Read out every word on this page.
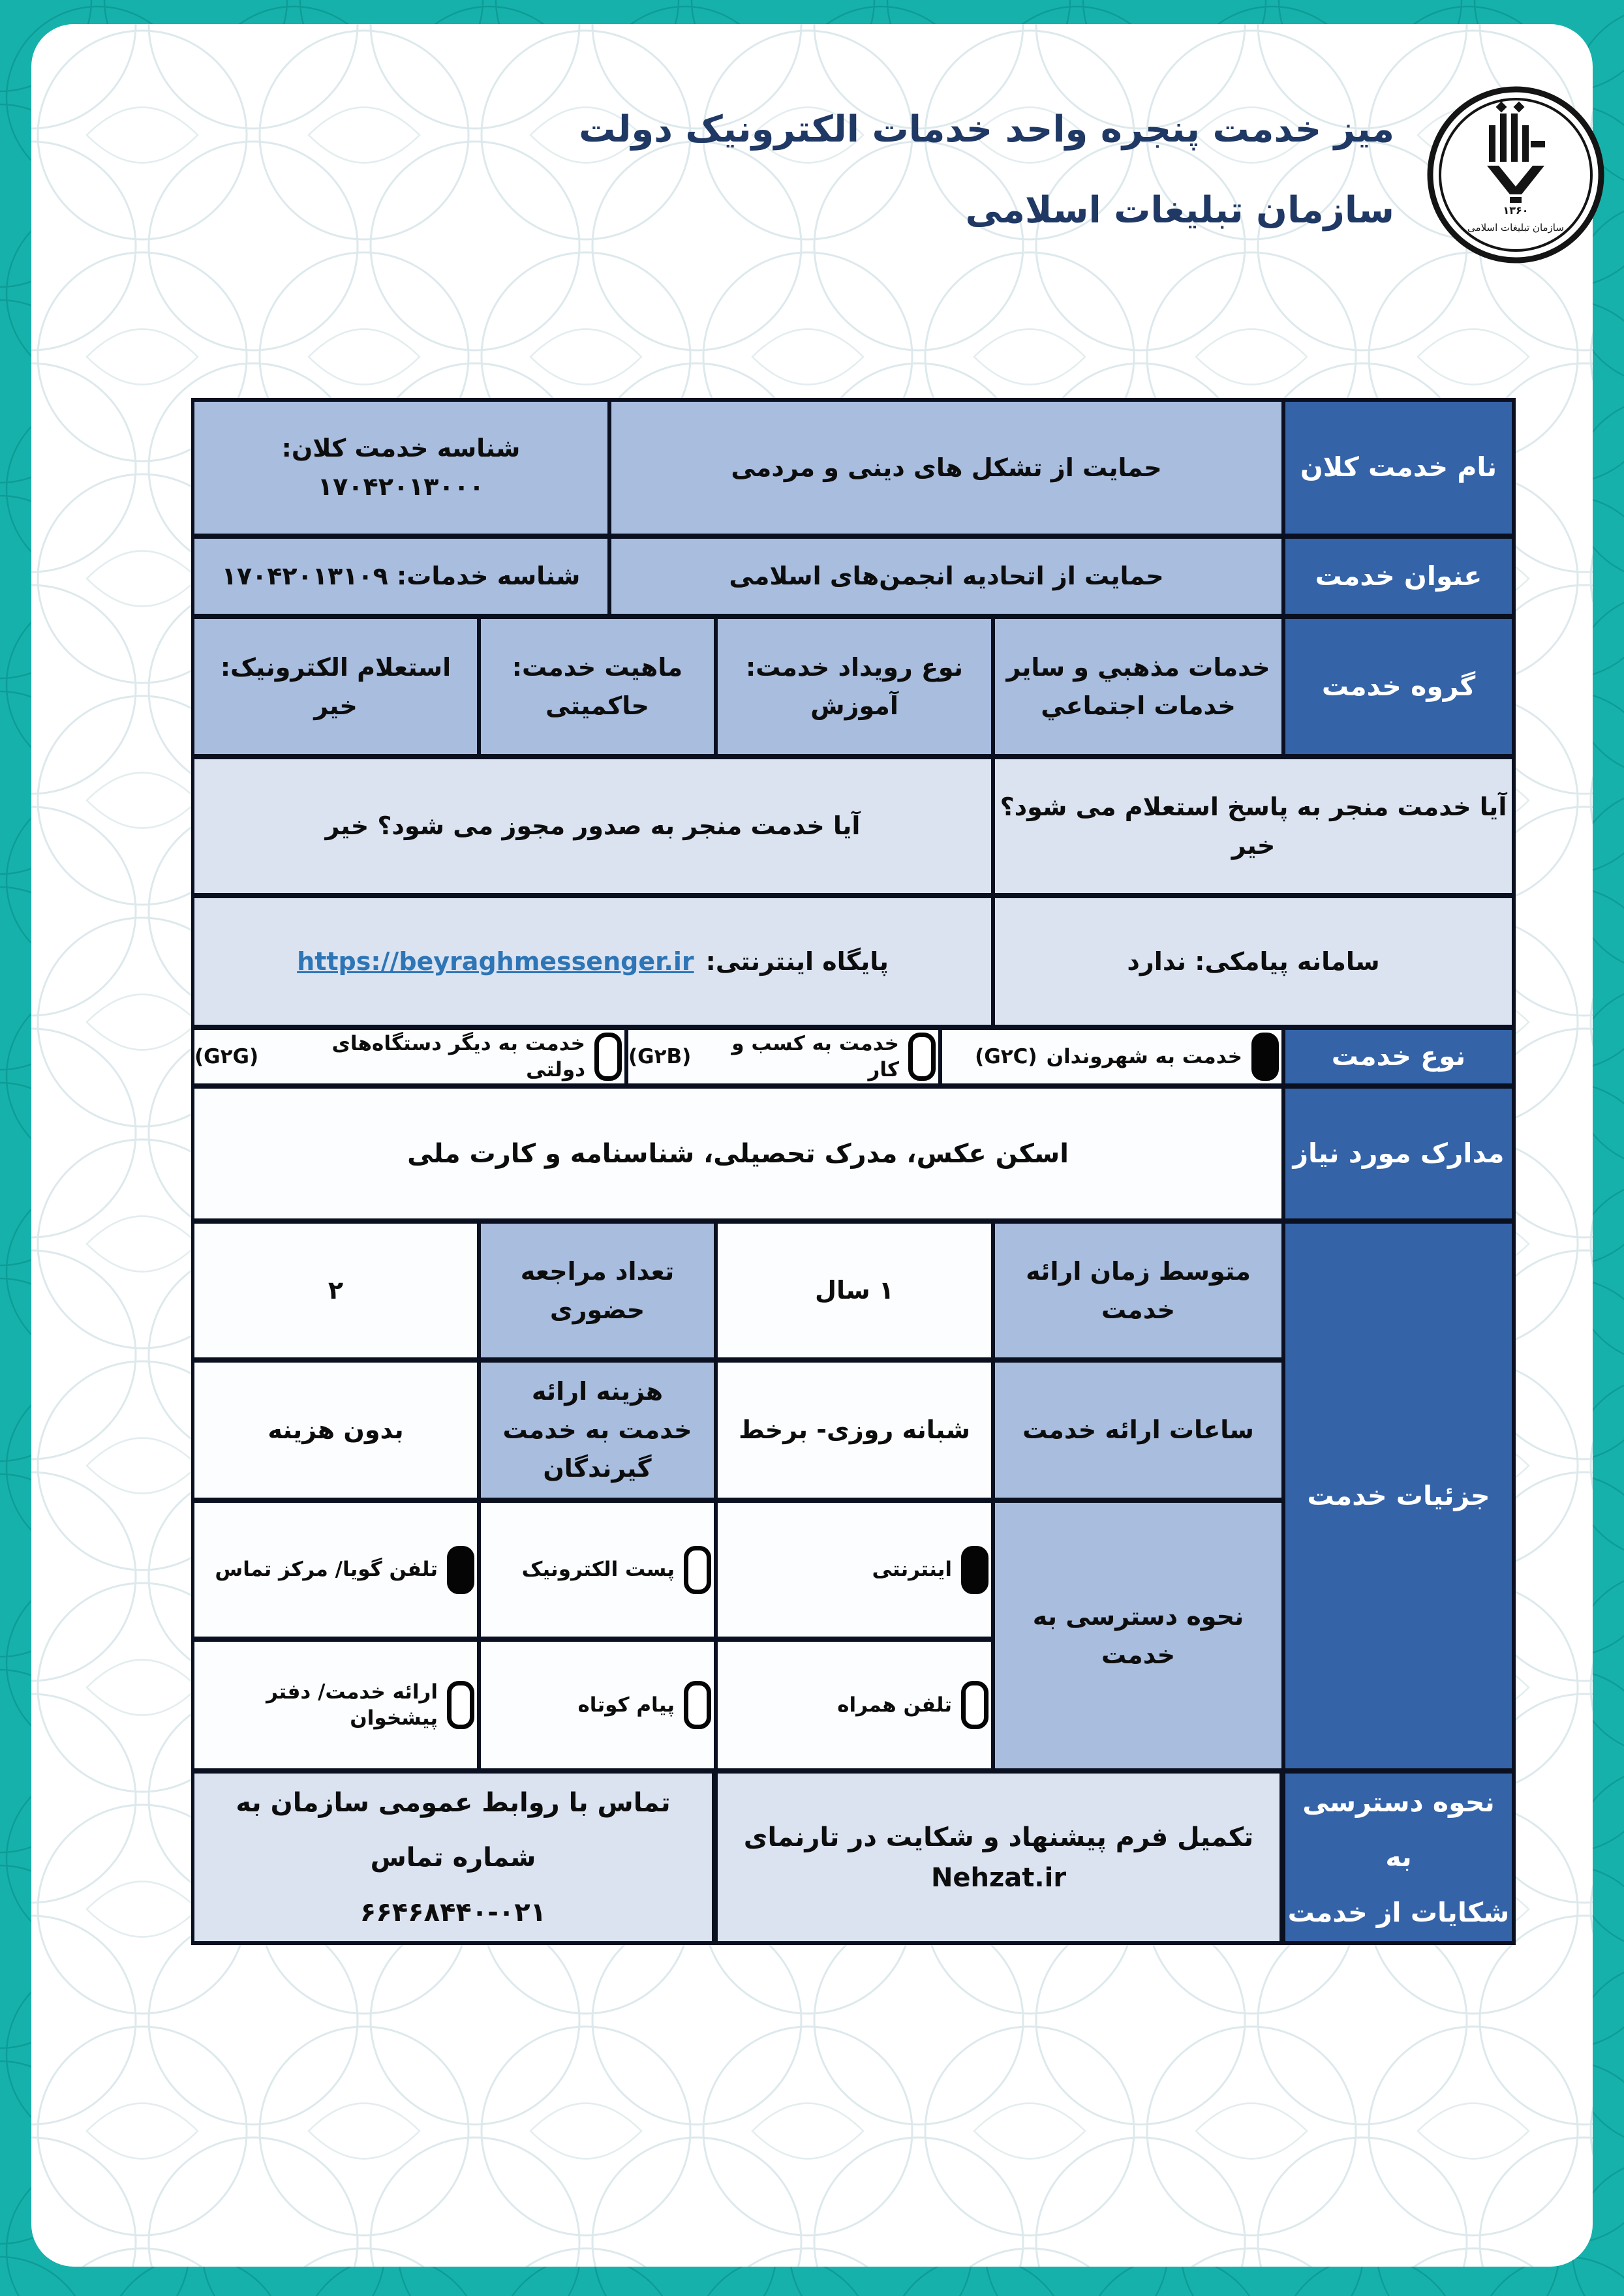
میز خدمت پنجره واحد خدمات الکترونیک دولت
سازمان تبلیغات اسلامی	۱۳۶۰
سازمان تبلیغات اسلامی
نام خدمت کلان
حمایت از تشکل های دینی و مردمی
شناسه خدمت کلان: ۱۷۰۴۲۰۱۳۰۰۰
عنوان خدمت
حمایت از اتحادیه انجمن‌های اسلامی
شناسه خدمات: ۱۷۰۴۲۰۱۳۱۰۹
گروه خدمت
خدمات مذهبي و ساير
خدمات اجتماعي
نوع رویداد خدمت:
آموزش
ماهیت خدمت:
حاکمیتی
استعلام الکترونیک:
خیر
آیا خدمت منجر به پاسخ استعلام می شود؟ خیر
آیا خدمت منجر به صدور مجوز می شود؟ خیر
سامانه پیامکی: ندارد
پایگاه اینترنتی:
https://beyraghmessenger.ir
نوع خدمت
خدمت به شهروندان
(G۲C)
خدمت به کسب و کار
(G۲B)
خدمت به دیگر دستگاه‌های دولتی
(G۲G)
مدارک مورد نیاز
اسکن عکس، مدرک تحصیلی، شناسنامه و کارت ملی
جزئیات خدمت
متوسط زمان ارائه خدمت
۱ سال
تعداد مراجعه حضوری
۲
ساعات ارائه خدمت
شبانه روزی- برخط
هزینه ارائه خدمت به خدمت گیرندگان
بدون هزینه
نحوه دسترسی به خدمت
اینترنتی
پست الکترونیک
تلفن گویا/ مرکز تماس
تلفن همراه
پیام کوتاه
ارائه خدمت/ دفتر پیشخوان
نحوه دسترسی به
شکایات از خدمت
تکمیل فرم پیشنهاد و شکایت در تارنمای Nehzat.ir
تماس با روابط عمومی سازمان به شماره تماس
۶۶۴۶۸۴۴۰-۰۲۱
